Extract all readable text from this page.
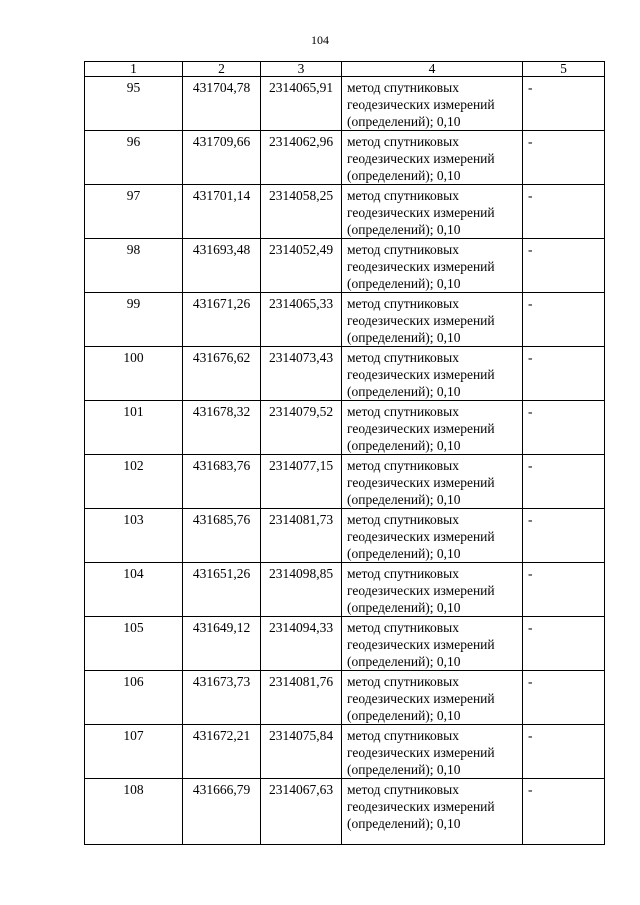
104
1	2	3	4	5
95	431704,78	2314065,91	метод спутниковых
геодезических измерений
(определений); 0,10	-
96	431709,66	2314062,96	метод спутниковых
геодезических измерений
(определений); 0,10	-
97	431701,14	2314058,25	метод спутниковых
геодезических измерений
(определений); 0,10	-
98	431693,48	2314052,49	метод спутниковых
геодезических измерений
(определений); 0,10	-
99	431671,26	2314065,33	метод спутниковых
геодезических измерений
(определений); 0,10	-
100	431676,62	2314073,43	метод спутниковых
геодезических измерений
(определений); 0,10	-
101	431678,32	2314079,52	метод спутниковых
геодезических измерений
(определений); 0,10	-
102	431683,76	2314077,15	метод спутниковых
геодезических измерений
(определений); 0,10	-
103	431685,76	2314081,73	метод спутниковых
геодезических измерений
(определений); 0,10	-
104	431651,26	2314098,85	метод спутниковых
геодезических измерений
(определений); 0,10	-
105	431649,12	2314094,33	метод спутниковых
геодезических измерений
(определений); 0,10	-
106	431673,73	2314081,76	метод спутниковых
геодезических измерений
(определений); 0,10	-
107	431672,21	2314075,84	метод спутниковых
геодезических измерений
(определений); 0,10	-
108	431666,79	2314067,63	метод спутниковых
геодезических измерений
(определений); 0,10	-
